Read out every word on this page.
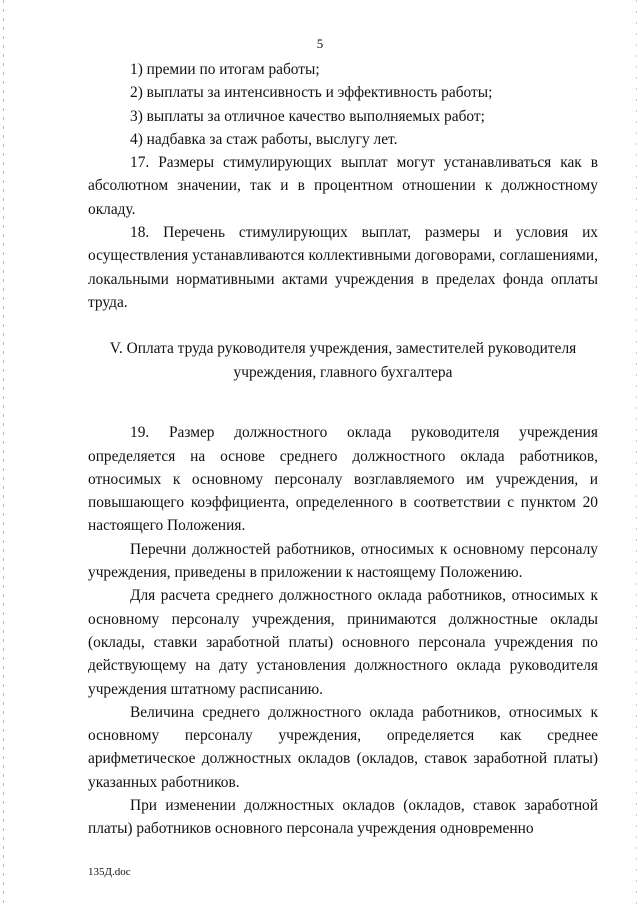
5

1) премии по итогам работы;

2) выплаты за интенсивность и эффективность работы;

3) выплаты за отличное качество выполняемых работ;

4) надбавка за стаж работы, выслугу лет.

17. Размеры стимулирующих выплат могут устанавливаться как в абсолютном значении, так и в процентном отношении к должностному окладу.

18. Перечень стимулирующих выплат, размеры и условия их осуществления устанавливаются коллективными договорами, соглашениями, локальными нормативными актами учреждения в пределах фонда оплаты труда.

V. Оплата труда руководителя учреждения, заместителей руководителя учреждения, главного бухгалтера

19. Размер должностного оклада руководителя учреждения определяется на основе среднего должностного оклада работников, относимых к основному персоналу возглавляемого им учреждения, и повышающего коэффициента, определенного в соответствии с пунктом 20 настоящего Положения.

Перечни должностей работников, относимых к основному персоналу учреждения, приведены в приложении к настоящему Положению.

Для расчета среднего должностного оклада работников, относимых к основному персоналу учреждения, принимаются должностные оклады (оклады, ставки заработной платы) основного персонала учреждения по действующему на дату установления должностного оклада руководителя учреждения штатному расписанию.

Величина среднего должностного оклада работников, относимых к основному персоналу учреждения, определяется как среднее арифметическое должностных окладов (окладов, ставок заработной платы) указанных работников.

При изменении должностных окладов (окладов, ставок заработной платы) работников основного персонала учреждения одновременно

135Д.doc
